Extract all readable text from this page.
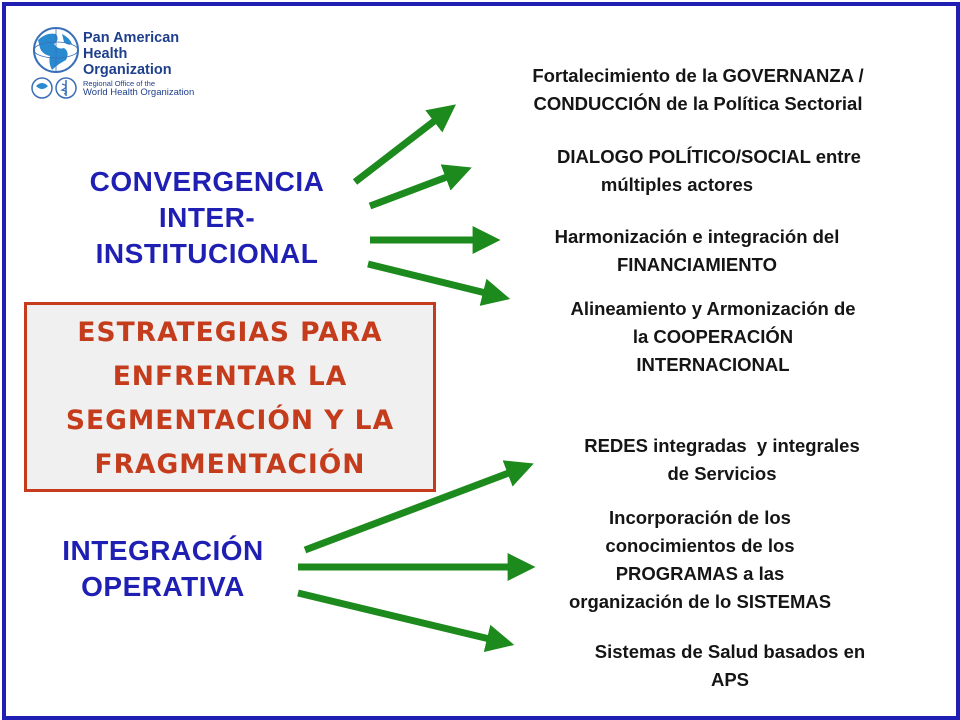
Pan American
Health
Organization
Regional Office of the
World Health Organization
CONVERGENCIA
INTER-
INSTITUCIONAL
ESTRATEGIAS PARA
ENFRENTAR LA
SEGMENTACIÓN Y LA
FRAGMENTACIÓN
INTEGRACIÓN
OPERATIVA
Fortalecimiento de la GOVERNANZA /
CONDUCCIÓN de la Política Sectorial
DIALOGO POLÍTICO/SOCIAL entre
múltiples actores
Harmonización e integración del
FINANCIAMIENTO
Alineamiento y Armonización de
la COOPERACIÓN
INTERNACIONAL
REDES integradas  y integrales
de Servicios
Incorporación de los
conocimientos de los
PROGRAMAS a las
organización de lo SISTEMAS
Sistemas de Salud basados en
APS
